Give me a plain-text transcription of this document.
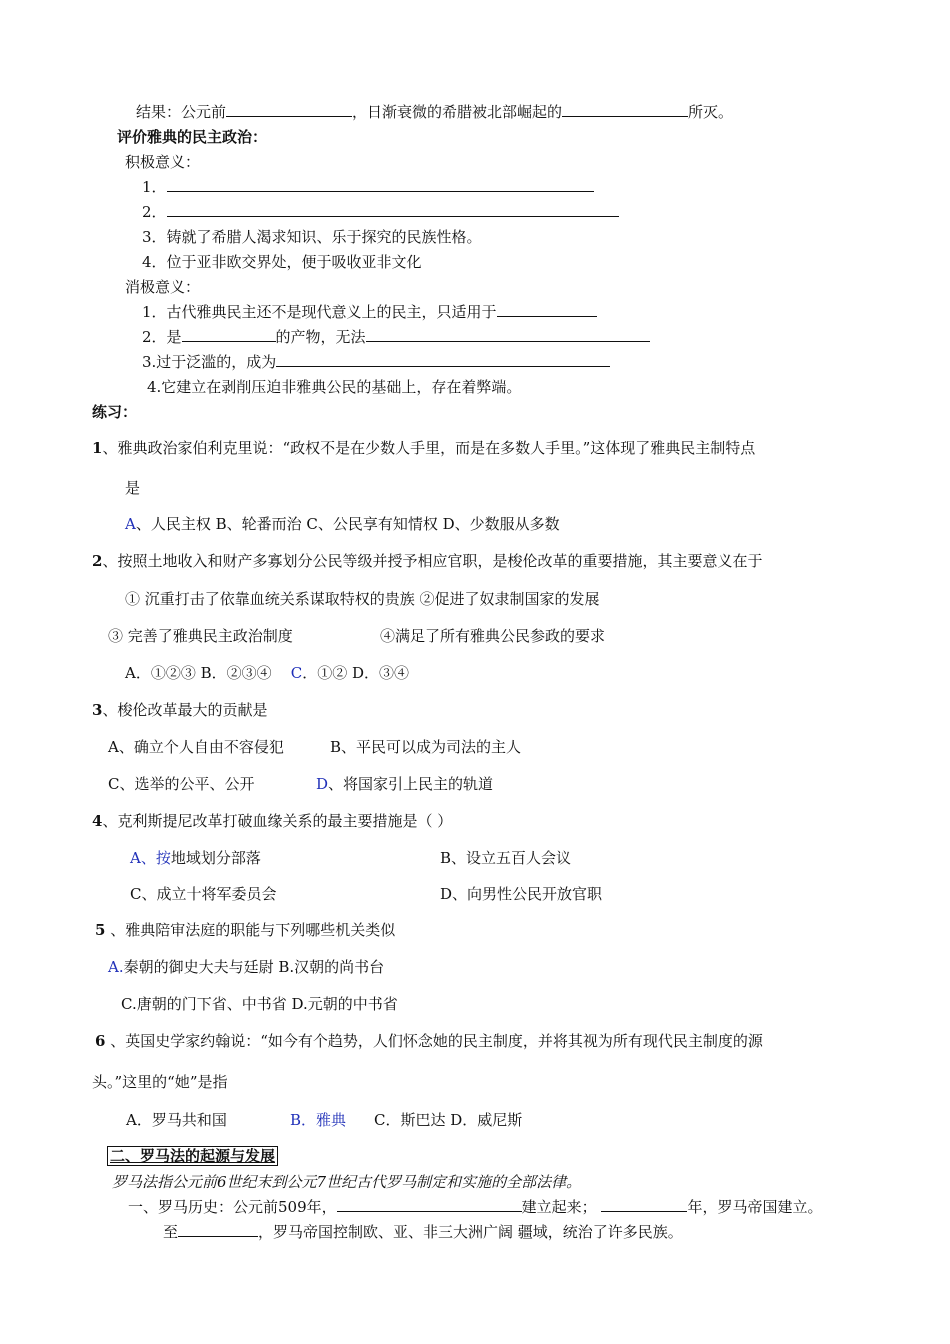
结果：公元前	，日渐衰微的希腊被北部崛起的	所灭。
评价雅典的民主政治：
积极意义：
1．
2．
3．铸就了希腊人渴求知识、乐于探究的民族性格。
4．位于亚非欧交界处，便于吸收亚非文化
消极意义：
1．古代雅典民主还不是现代意义上的民主，只适用于
2．是	的产物，无法
3.过于泛滥的，成为
4.它建立在剥削压迫非雅典公民的基础上，存在着弊端。
练习：
1、雅典政治家伯利克里说：“政权不是在少数人手里，而是在多数人手里。”这体现了雅典民主制特点
是
A、人民主权 B、轮番而治 C、公民享有知情权 D、少数服从多数
2、按照土地收入和财产多寡划分公民等级并授予相应官职，是梭伦改革的重要措施，其主要意义在于
① 沉重打击了依靠血统关系谋取特权的贵族 ②促进了奴隶制国家的发展
③ 完善了雅典民主政治制度	④满足了所有雅典公民参政的要求
A．①②③ B．②③④ C．①② D．③④
3、梭伦改革最大的贡献是
A、确立个人自由不容侵犯	B、平民可以成为司法的主人
C、选举的公平、公开	D、将国家引上民主的轨道
4、克利斯提尼改革打破血缘关系的最主要措施是（ ）
A、按地域划分部落	B、设立五百人会议
C、成立十将军委员会	D、向男性公民开放官职
5 、雅典陪审法庭的职能与下列哪些机关类似
A.秦朝的御史大夫与廷尉 B.汉朝的尚书台
C.唐朝的门下省、中书省 D.元朝的中书省
6 、英国史学家约翰说：“如今有个趋势，人们怀念她的民主制度，并将其视为所有现代民主制度的源
头。”这里的“她”是指
A．罗马共和国	B．雅典 C．斯巴达 D．威尼斯
二、罗马法的起源与发展
罗马法指公元前6世纪末到公元7世纪古代罗马制定和实施的全部法律。
一、罗马历史：公元前509年，	建立起来；	年，罗马帝国建立。
至	，罗马帝国控制欧、亚、非三大洲广阔 疆域，统治了许多民族。
